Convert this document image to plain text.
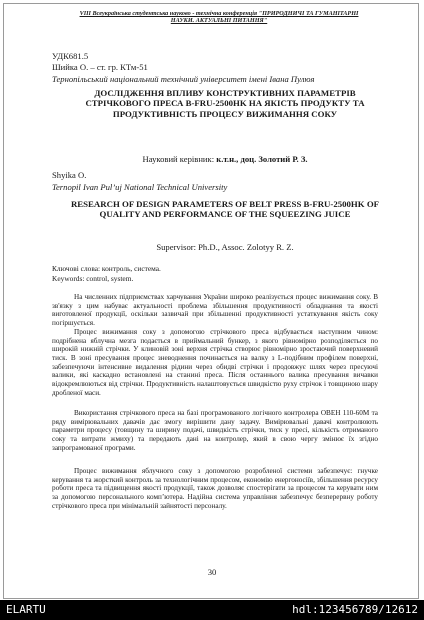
VIII Всеукраїнська студентська науково - технічна конференція "ПРИРОДНИЧІ ТА ГУМАНІТАРНІ НАУКИ. АКТУАЛЬНІ ПИТАННЯ"
УДК681.5
Шийка О. – ст. гр. КТм-51
Тернопільський національний технічний університет імені Івана Пулюя
ДОСЛІДЖЕННЯ ВПЛИВУ КОНСТРУКТИВНИХ ПАРАМЕТРІВ СТРІЧКОВОГО ПРЕСА B-FRU-2500HK НА ЯКІСТЬ ПРОДУКТУ ТА ПРОДУКТИВНІСТЬ ПРОЦЕСУ ВИЖИМАННЯ СОКУ
Науковий керівник: к.т.н., доц. Золотий Р. З.
Shyika O.
Ternopil Ivan Pul’uj National Technical University
RESEARCH OF DESIGN PARAMETERS OF BELT PRESS B-FRU-2500HK OF QUALITY AND PERFORMANCE OF THE SQUEEZING JUICE
Supervisor: Ph.D., Assoc. Zolotyy R. Z.
Ключові слова: контроль, система.
Keywords: control, system.
На численних підприємствах харчування України широко реалізується процес вижимання соку. В зв'язку з цим набуває актуальності проблема збільшення продуктивності обладнання та якості виготовленої продукції, оскільки зазвичай при збільшенні продуктивності устаткування якість соку погіршується.
Процес вижимання соку з допомогою стрічкового преса відбувається наступним чином: подрібнена яблучна мезга подається в приймальний бункер, з якого рівномірно розподіляється по широкій нижній стрічки. У клиновій зоні верхня стрічка створює рівномірно зростаючий поверхневий тиск. В зоні пресування процес зневоднення починається на валку з L-подібним профілем поверхні, забезпечуючи інтенсивне видалення рідини через обидві стрічки і продовжує шлях через пресуючі валики, які каскадно встановлені на станині преса. Після останнього валика пресування вичавки відокремлюються від стрічки. Продуктивність налаштовується швидкістю руху стрічок і товщиною шару дробленої маси.
Використання стрічкового преса на базі програмованого логічного контролера ОВЕН 110-60М та ряду вимірювальних давачів дає змогу вирішити дану задачу. Вимірювальні давачі контролюють параметри процесу (товщину та ширину подачі, швидкість стрічки, тиск у пресі, кількість отриманого соку та витрати жмиху) та передають дані на контролер, який в свою чергу змінює їх згідно запрограмованої програми.
Процес вижимання яблучного соку з допомогою розробленої системи забезпечує: гнучке керування та жорсткий контроль за технологічним процесом, економію енергоносіїв, збільшення ресурсу роботи преса та підвищення якості продукції, також дозволяє спостерігати за процесом та керувати ним за допомогою персонального комп’ютера. Надійна система управління забезпечує безперервну роботу стрічкового преса при мінімальній зайнятості персоналу.
30
ELARTU	hdl:123456789/12612
